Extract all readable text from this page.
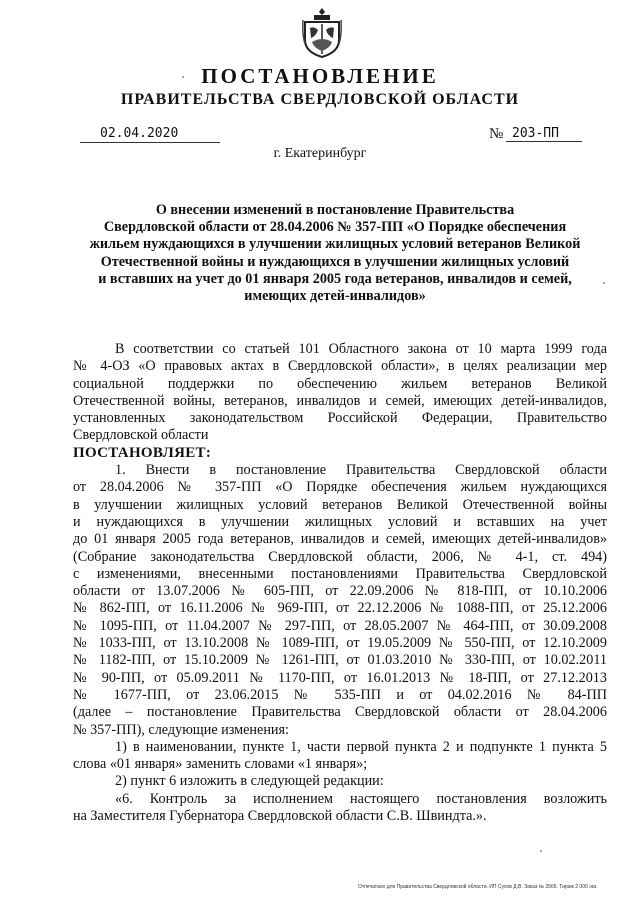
ПОСТАНОВЛЕНИЕ
ПРАВИТЕЛЬСТВА СВЕРДЛОВСКОЙ ОБЛАСТИ
02.04.2020	№ 203-ПП
г. Екатеринбург
О внесении изменений в постановление Правительства
Свердловской области от 28.04.2006 № 357-ПП «О Порядке обеспечения
жильем нуждающихся в улучшении жилищных условий ветеранов Великой
Отечественной войны и нуждающихся в улучшении жилищных условий
и вставших на учет до 01 января 2005 года ветеранов, инвалидов и семей,
имеющих детей-инвалидов»
В соответствии со статьей 101 Областного закона от 10 марта 1999 года
№ 4-ОЗ «О правовых актах в Свердловской области», в целях реализации мер
социальной поддержки по обеспечению жильем ветеранов Великой
Отечественной войны, ветеранов, инвалидов и семей, имеющих детей-инвалидов,
установленных законодательством Российской Федерации, Правительство
Свердловской области
ПОСТАНОВЛЯЕТ:
1. Внести в постановление Правительства Свердловской области
от 28.04.2006 № 357-ПП «О Порядке обеспечения жильем нуждающихся
в улучшении жилищных условий ветеранов Великой Отечественной войны
и нуждающихся в улучшении жилищных условий и вставших на учет
до 01 января 2005 года ветеранов, инвалидов и семей, имеющих детей-инвалидов»
(Собрание законодательства Свердловской области, 2006, № 4-1, ст. 494)
с изменениями, внесенными постановлениями Правительства Свердловской
области от 13.07.2006 № 605-ПП, от 22.09.2006 № 818-ПП, от 10.10.2006
№ 862-ПП, от 16.11.2006 № 969-ПП, от 22.12.2006 № 1088-ПП, от 25.12.2006
№ 1095-ПП, от 11.04.2007 № 297-ПП, от 28.05.2007 № 464-ПП, от 30.09.2008
№ 1033-ПП, от 13.10.2008 № 1089-ПП, от 19.05.2009 № 550-ПП, от 12.10.2009
№ 1182-ПП, от 15.10.2009 № 1261-ПП, от 01.03.2010 № 330-ПП, от 10.02.2011
№ 90-ПП, от 05.09.2011 № 1170-ПП, от 16.01.2013 № 18-ПП, от 27.12.2013
№ 1677-ПП, от 23.06.2015 № 535-ПП и от 04.02.2016 № 84-ПП
(далее – постановление Правительства Свердловской области от 28.04.2006
№ 357-ПП), следующие изменения:
1) в наименовании, пункте 1, части первой пункта 2 и подпункте 1 пункта 5
слова «01 января» заменить словами «1 января»;
2) пункт 6 изложить в следующей редакции:
«6. Контроль за исполнением настоящего постановления возложить
на Заместителя Губернатора Свердловской области С.В. Швиндта.».
Отпечатано для Правительства Свердловской области. ИП Сухов Д.В. Заказ № 3565. Тираж 2 000 экз.
